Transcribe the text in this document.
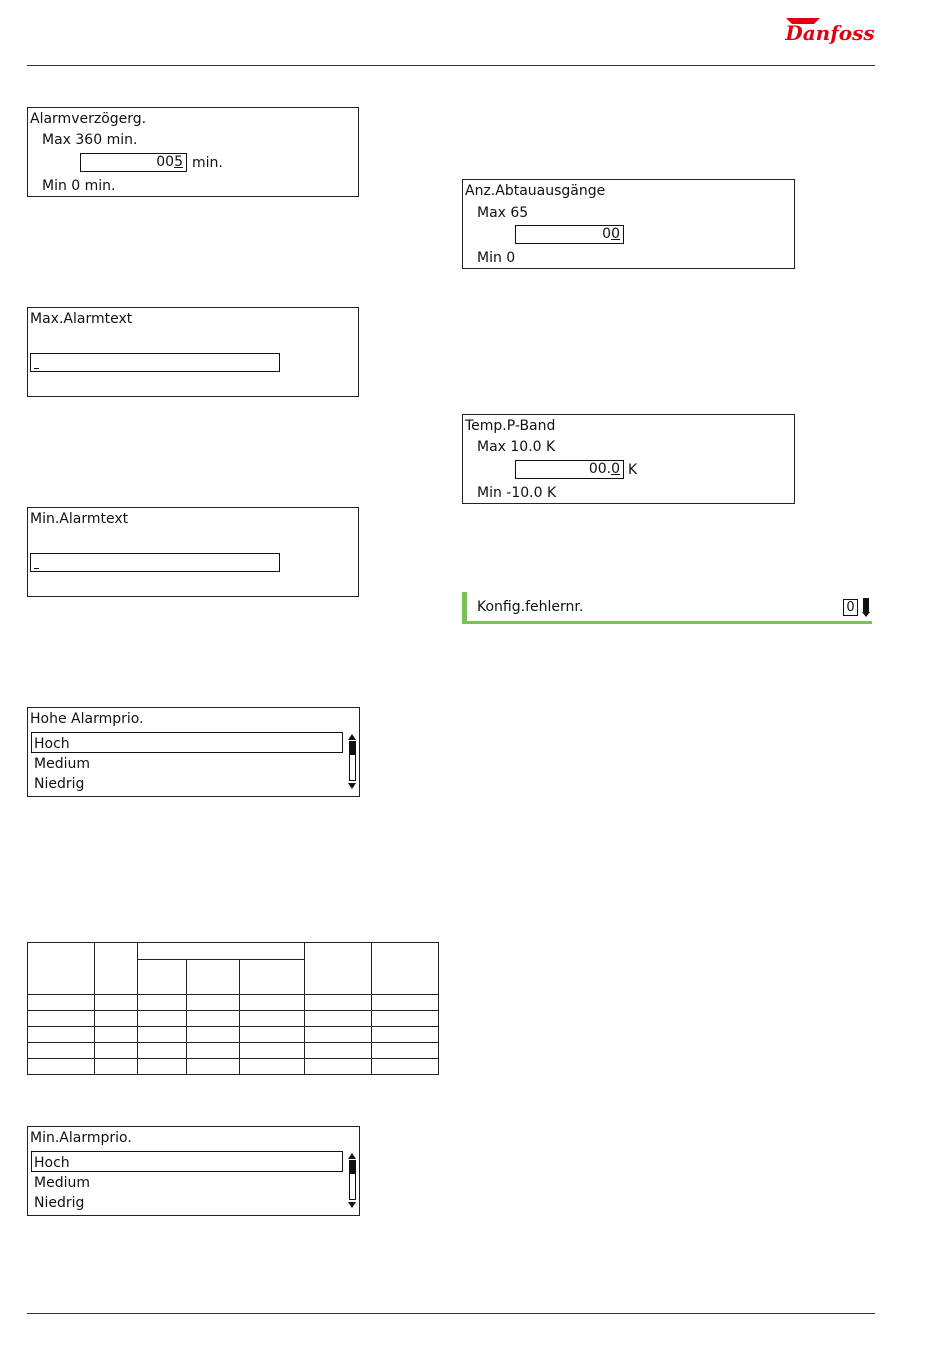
Danfoss
Alarmverzögerg.
Max 360 min.
005 min.
Min 0 min.	Anz.Abtauausgänge
Max 65
00
Min 0
Max.Alarmtext
Temp.P-Band
Max 10.0 K
00.0 K
Min -10.0 K
Min.Alarmtext
Konfig.fehlernr.	0
Hohe Alarmprio.
Hoch
Medium
Niedrig

Min.Alarmprio.
Hoch
Medium
Niedrig
